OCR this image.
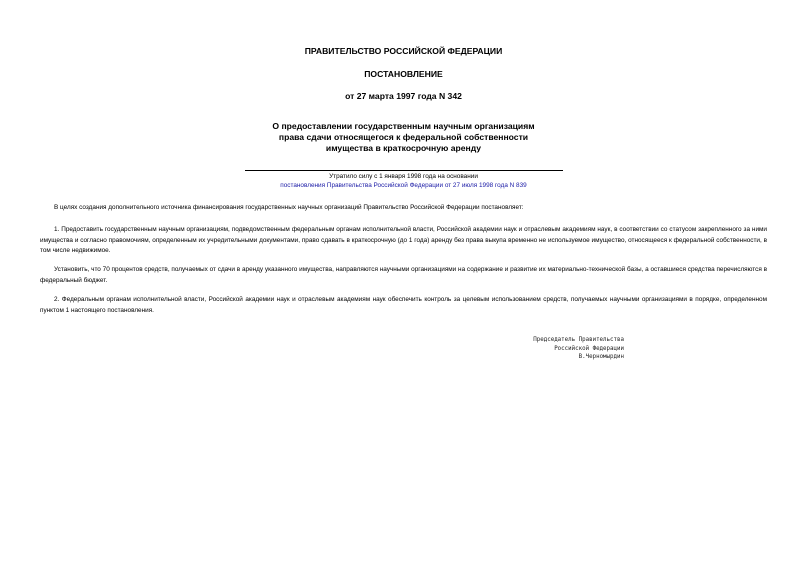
ПРАВИТЕЛЬСТВО РОССИЙСКОЙ ФЕДЕРАЦИИ
ПОСТАНОВЛЕНИЕ
от 27 марта 1997 года N 342
О предоставлении государственным научным организациям
права сдачи относящегося к федеральной собственности
имущества в краткосрочную аренду
Утратило силу с 1 января 1998 года на основании
постановления Правительства Российской Федерации от 27 июля 1998 года N 839
В целях создания дополнительного источника финансирования государственных научных организаций Правительство Российской Федерации постановляет:
1. Предоставить государственным научным организациям, подведомственным федеральным органам исполнительной власти, Российской академии наук и отраслевым академиям наук, в соответствии со статусом закрепленного за ними имущества и согласно правомочиям, определенным их учредительными документами, право сдавать в краткосрочную (до 1 года) аренду без права выкупа временно не используемое имущество, относящееся к федеральной собственности, в том числе недвижимое.
Установить, что 70 процентов средств, получаемых от сдачи в аренду указанного имущества, направляются научными организациями на содержание и развитие их материально-технической базы, а оставшиеся средства перечисляются в федеральный бюджет.
2. Федеральным органам исполнительной власти, Российской академии наук и отраслевым академиям наук обеспечить контроль за целевым использованием средств, получаемых научными организациями в порядке, определенном пунктом 1 настоящего постановления.
Председатель Правительства
Российской Федерации
В.Черномырдин
